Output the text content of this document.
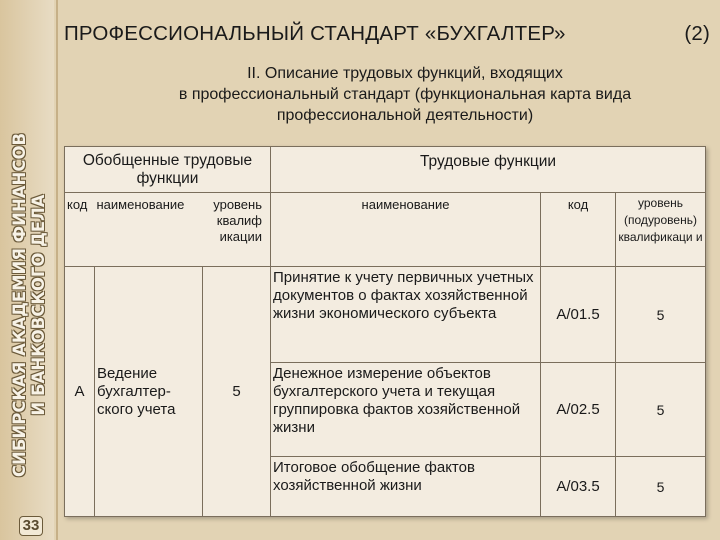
СИБИРСКАЯ АКАДЕМИЯ ФИНАНСОВ И БАНКОВСКОГО ДЕЛА
33
ПРОФЕССИОНАЛЬНЫЙ СТАНДАРТ «БУХГАЛТЕР»	(2)
II. Описание трудовых функций, входящих
в профессиональный стандарт (функциональная карта вида
профессиональной деятельности)
Обобщенные трудовые функции			Трудовые функции		
код	наименование	уровень квалиф икации	наименование	код	уровень (подуровень) квалификаци и
A	Ведение бухгалтер-ского учета	5	Принятие к учету первичных учетных документов о фактах хозяйственной жизни экономического субъекта	A/01.5	5
			Денежное измерение объектов бухгалтерского учета и текущая группировка фактов хозяйственной жизни	A/02.5	5
			Итоговое обобщение фактов хозяйственной жизни	A/03.5	5
